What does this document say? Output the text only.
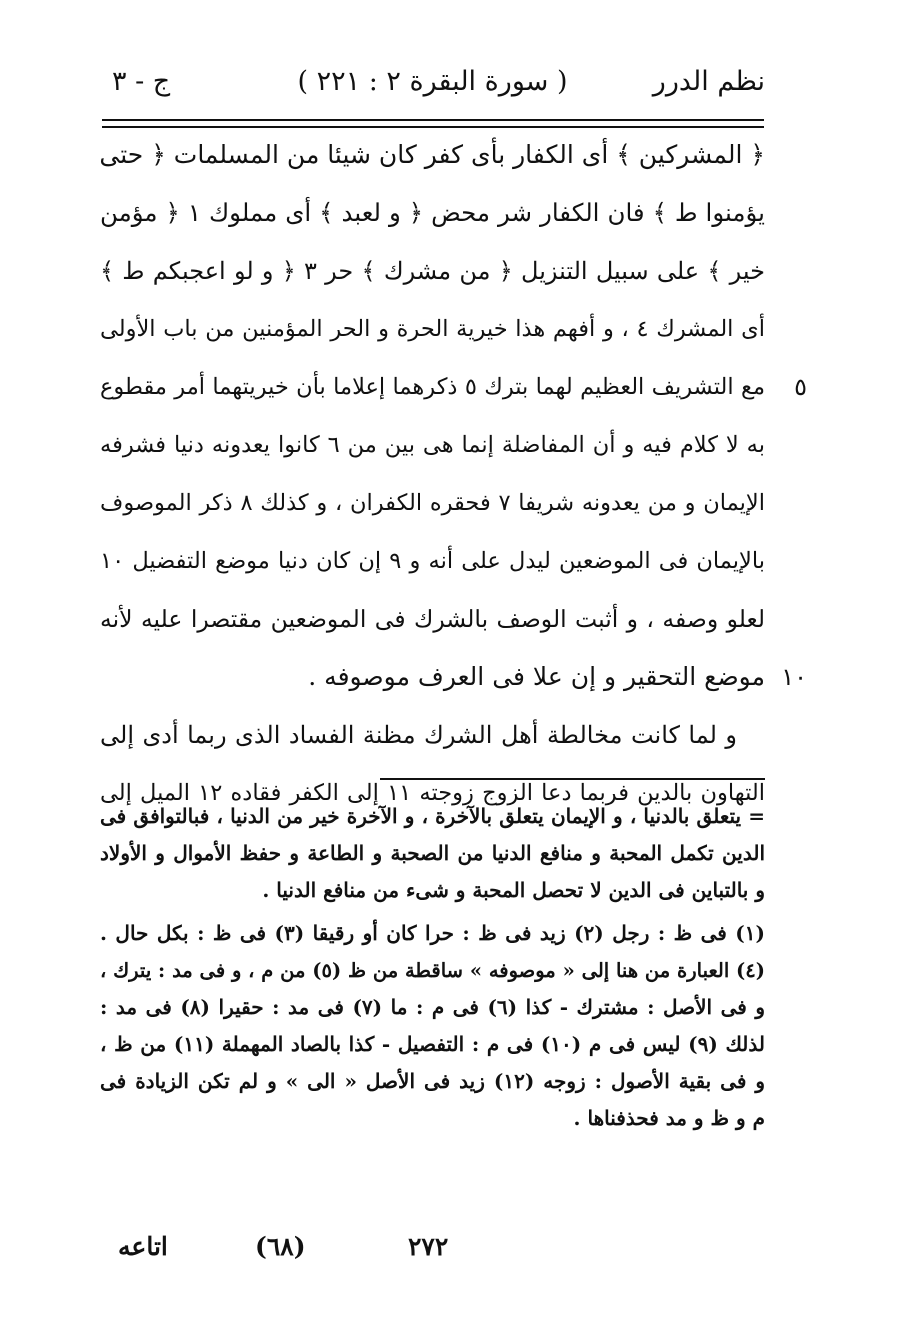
نظم الدرر
( سورة البقرة ٢ : ٢٢١ )
ج - ٣
﴿ المشركين ﴾ أى الكفار بأى كفر كان شيئا من المسلمات ﴿ حتى
يؤمنوا ط ﴾ فان الكفار شر محض ﴿ و لعبد ﴾ أى مملوك ١ ﴿ مؤمن
خير ﴾ على سبيل التنزيل ﴿ من مشرك ﴾ حر ٣ ﴿ و لو اعجبكم ط ﴾
أى المشرك ٤ ، و أفهم هذا خيرية الحرة و الحر المؤمنين من باب الأولى
٥
مع التشريف العظيم لهما بترك ٥ ذكرهما إعلاما بأن خيريتهما أمر مقطوع
به لا كلام فيه و أن المفاضلة إنما هى بين من ٦ كانوا يعدونه دنيا فشرفه
الإيمان و من يعدونه شريفا ٧ فحقره الكفران ، و كذلك ٨ ذكر الموصوف
بالإيمان فى الموضعين ليدل على أنه و ٩ إن كان دنيا موضع التفضيل ١٠
لعلو وصفه ، و أثبت الوصف بالشرك فى الموضعين مقتصرا عليه لأنه
١٠
موضع التحقير و إن علا فى العرف موصوفه .
و لما كانت مخالطة أهل الشرك مظنة الفساد الذى ربما أدى إلى
التهاون بالدين فربما دعا الزوج زوجته ١١ إلى الكفر فقاده ١٢ الميل إلى
= يتعلق بالدنيا ، و الإيمان يتعلق بالآخرة ، و الآخرة خير من الدنيا ، فبالتوافق فى
الدين تكمل المحبة و منافع الدنيا من الصحبة و الطاعة و حفظ الأموال و الأولاد
و بالتباين فى الدين لا تحصل المحبة و شىء من منافع الدنيا .
(١) فى ظ : رجل (٢) زيد فى ظ : حرا كان أو رقيقا (٣) فى ظ : بكل حال .
(٤) العبارة من هنا إلى « موصوفه » ساقطة من ظ (٥) من م ، و فى مد : يترك ،
و فى الأصل : مشترك - كذا (٦) فى م : ما (٧) فى مد : حقيرا (٨) فى مد :
لذلك (٩) ليس فى م (١٠) فى م : التفصيل - كذا بالصاد المهملة (١١) من ظ ،
و فى بقية الأصول : زوجه (١٢) زيد فى الأصل « الى » و لم تكن الزيادة فى
م و ظ و مد فحذفناها .
٢٧٢
(٦٨)
اتاعه
